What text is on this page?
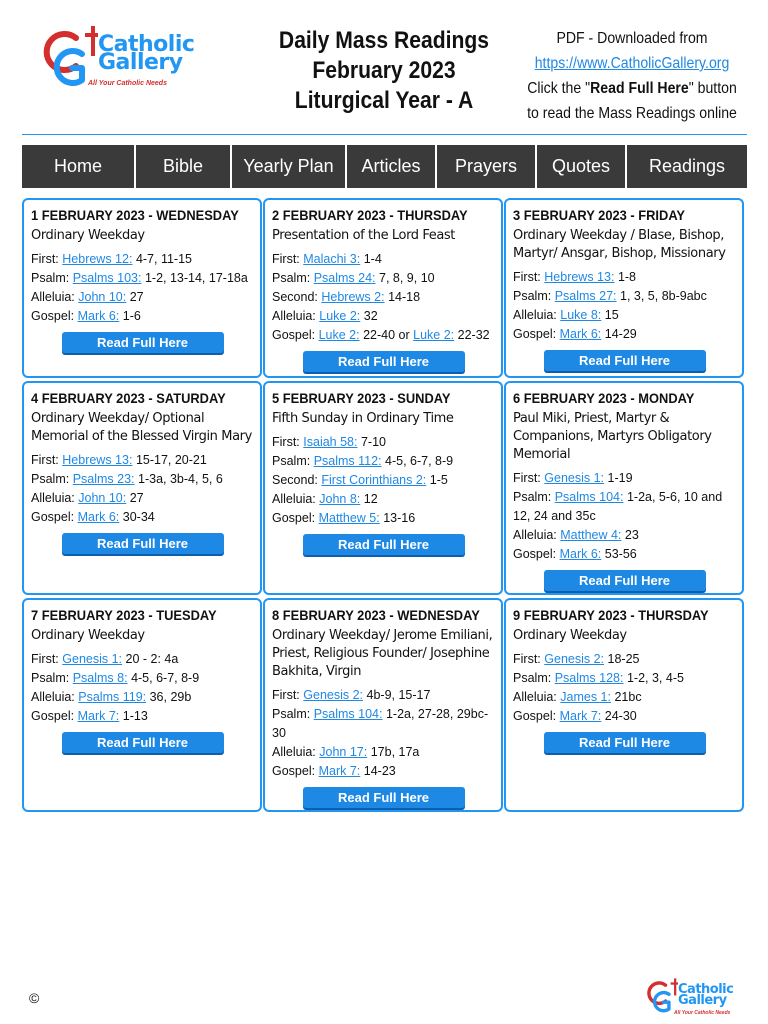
Catholic
Gallery
All Your Catholic Needs
Daily Mass Readings
February 2023
Liturgical Year - A
PDF - Downloaded from
https://www.CatholicGallery.org
Click the "Read Full Here" button
to read the Mass Readings online
Home	Bible	Yearly Plan	Articles	Prayers	Quotes	Readings
1 FEBRUARY 2023 - WEDNESDAY
Ordinary Weekday
First: Hebrews 12: 4-7, 11-15
Psalm: Psalms 103: 1-2, 13-14, 17-18a
Alleluia: John 10: 27
Gospel: Mark 6: 1-6
Read Full Here
2 FEBRUARY 2023 - THURSDAY
Presentation of the Lord Feast
First: Malachi 3: 1-4
Psalm: Psalms 24: 7, 8, 9, 10
Second: Hebrews 2: 14-18
Alleluia: Luke 2: 32
Gospel: Luke 2: 22-40 or Luke 2: 22-32
Read Full Here
3 FEBRUARY 2023 - FRIDAY
Ordinary Weekday / Blase, Bishop, Martyr/ Ansgar, Bishop, Missionary
First: Hebrews 13: 1-8
Psalm: Psalms 27: 1, 3, 5, 8b-9abc
Alleluia: Luke 8: 15
Gospel: Mark 6: 14-29
Read Full Here
4 FEBRUARY 2023 - SATURDAY
Ordinary Weekday/ Optional Memorial of the Blessed Virgin Mary
First: Hebrews 13: 15-17, 20-21
Psalm: Psalms 23: 1-3a, 3b-4, 5, 6
Alleluia: John 10: 27
Gospel: Mark 6: 30-34
Read Full Here
5 FEBRUARY 2023 - SUNDAY
Fifth Sunday in Ordinary Time
First: Isaiah 58: 7-10
Psalm: Psalms 112: 4-5, 6-7, 8-9
Second: First Corinthians 2: 1-5
Alleluia: John 8: 12
Gospel: Matthew 5: 13-16
Read Full Here
6 FEBRUARY 2023 - MONDAY
Paul Miki, Priest, Martyr & Companions, Martyrs Obligatory Memorial
First: Genesis 1: 1-19
Psalm: Psalms 104: 1-2a, 5-6, 10 and 12, 24 and 35c
Alleluia: Matthew 4: 23
Gospel: Mark 6: 53-56
Read Full Here
7 FEBRUARY 2023 - TUESDAY
Ordinary Weekday
First: Genesis 1: 20 - 2: 4a
Psalm: Psalms 8: 4-5, 6-7, 8-9
Alleluia: Psalms 119: 36, 29b
Gospel: Mark 7: 1-13
Read Full Here
8 FEBRUARY 2023 - WEDNESDAY
Ordinary Weekday/ Jerome Emiliani, Priest, Religious Founder/ Josephine Bakhita, Virgin
First: Genesis 2: 4b-9, 15-17
Psalm: Psalms 104: 1-2a, 27-28, 29bc-30
Alleluia: John 17: 17b, 17a
Gospel: Mark 7: 14-23
Read Full Here
9 FEBRUARY 2023 - THURSDAY
Ordinary Weekday
First: Genesis 2: 18-25
Psalm: Psalms 128: 1-2, 3, 4-5
Alleluia: James 1: 21bc
Gospel: Mark 7: 24-30
Read Full Here
©
Catholic
Gallery
All Your Catholic Needs
